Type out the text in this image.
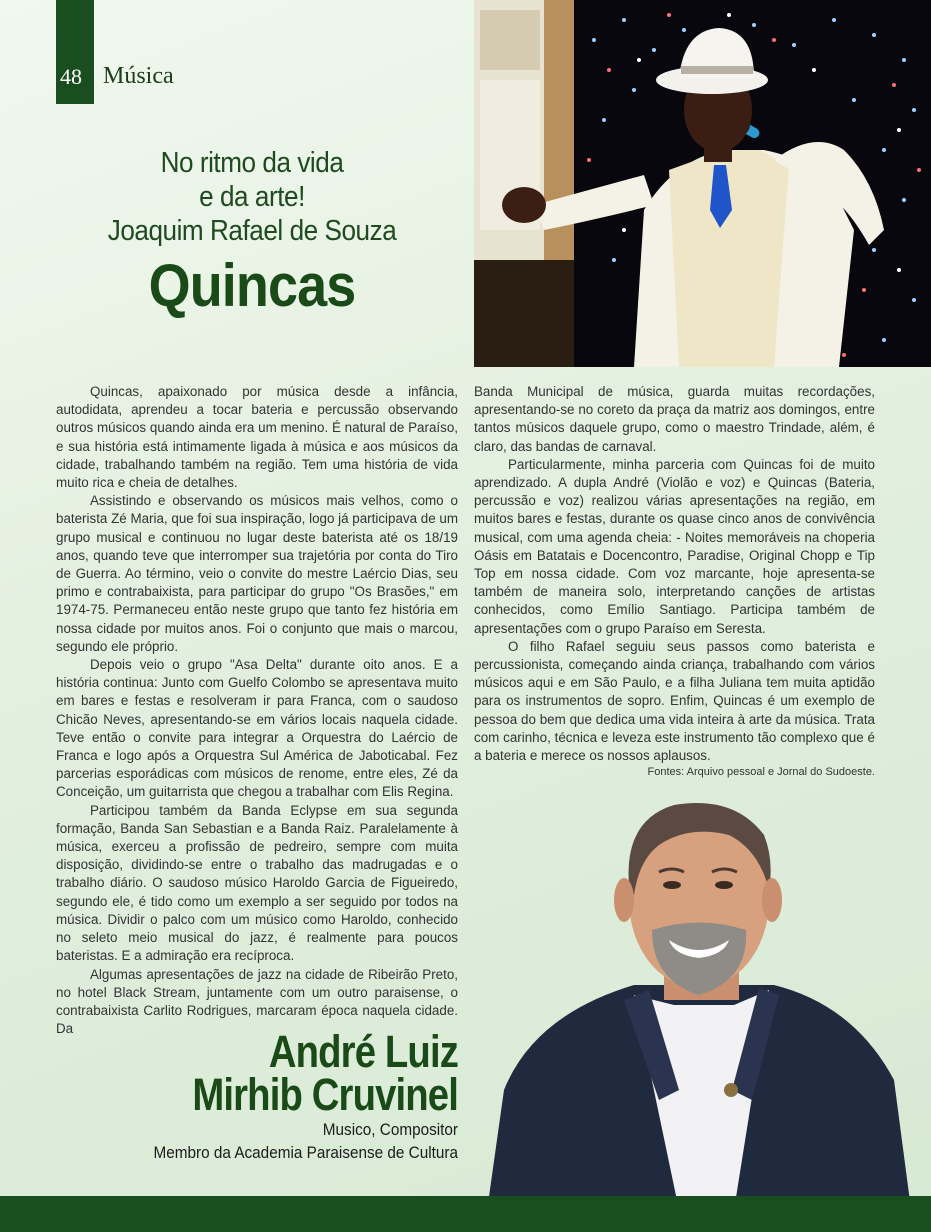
48 Música
No ritmo da vida
e da arte!
Joaquim Rafael de Souza
Quincas

Quincas, apaixonado por música desde a infância, autodidata, aprendeu a tocar bateria e percussão observando outros músicos quando ainda era um menino. É natural de Paraíso, e sua história está intimamente ligada à música e aos músicos da cidade, trabalhando também na região. Tem uma história de vida muito rica e cheia de detalhes.

Assistindo e observando os músicos mais velhos, como o baterista Zé Maria, que foi sua inspiração, logo já participava de um grupo musical e continuou no lugar deste baterista até os 18/19 anos, quando teve que interromper sua trajetória por conta do Tiro de Guerra. Ao término, veio o convite do mestre Laércio Dias, seu primo e contrabaixista, para participar do grupo "Os Brasões," em 1974-75. Permaneceu então neste grupo que tanto fez história em nossa cidade por muitos anos. Foi o conjunto que mais o marcou, segundo ele próprio.

Depois veio o grupo "Asa Delta" durante oito anos. E a história continua: Junto com Guelfo Colombo se apresentava muito em bares e festas e resolveram ir para Franca, com o saudoso Chicão Neves, apresentando-se em vários locais naquela cidade. Teve então o convite para integrar a Orquestra do Laércio de Franca e logo após a Orquestra Sul América de Jaboticabal. Fez parcerias esporádicas com músicos de renome, entre eles, Zé da Conceição, um guitarrista que chegou a trabalhar com Elis Regina.

Participou também da Banda Eclypse em sua segunda formação, Banda San Sebastian e a Banda Raiz. Paralelamente à música, exerceu a profissão de pedreiro, sempre com muita disposição, dividindo-se entre o trabalho das madrugadas e o trabalho diário. O saudoso músico Haroldo Garcia de Figueiredo, segundo ele, é tido como um exemplo a ser seguido por todos na música. Dividir o palco com um músico como Haroldo, conhecido no seleto meio musical do jazz, é realmente para poucos bateristas. E a admiração era recíproca.

Algumas apresentações de jazz na cidade de Ribeirão Preto, no hotel Black Stream, juntamente com um outro paraisense, o contrabaixista Carlito Rodrigues, marcaram época naquela cidade. Da

Banda Municipal de música, guarda muitas recordações, apresentando-se no coreto da praça da matriz aos domingos, entre tantos músicos daquele grupo, como o maestro Trindade, além, é claro, das bandas de carnaval.

Particularmente, minha parceria com Quincas foi de muito aprendizado. A dupla André (Violão e voz) e Quincas (Bateria, percussão e voz) realizou várias apresentações na região, em muitos bares e festas, durante os quase cinco anos de convivência musical, com uma agenda cheia: - Noites memoráveis na choperia Oásis em Batatais e Docencontro, Paradise, Original Chopp e Tip Top em nossa cidade. Com voz marcante, hoje apresenta-se também de maneira solo, interpretando canções de artistas conhecidos, como Emílio Santiago. Participa também de apresentações com o grupo Paraíso em Seresta.

O filho Rafael seguiu seus passos como baterista e percussionista, começando ainda criança, trabalhando com vários músicos aqui e em São Paulo, e a filha Juliana tem muita aptidão para os instrumentos de sopro. Enfim, Quincas é um exemplo de pessoa do bem que dedica uma vida inteira à arte da música. Trata com carinho, técnica e leveza este instrumento tão complexo que é a bateria e merece os nossos aplausos.

Fontes: Arquivo pessoal e Jornal do Sudoeste.
André Luiz
Mirhib Cruvinel
Musico, Compositor
Membro da Academia Paraisense de Cultura
